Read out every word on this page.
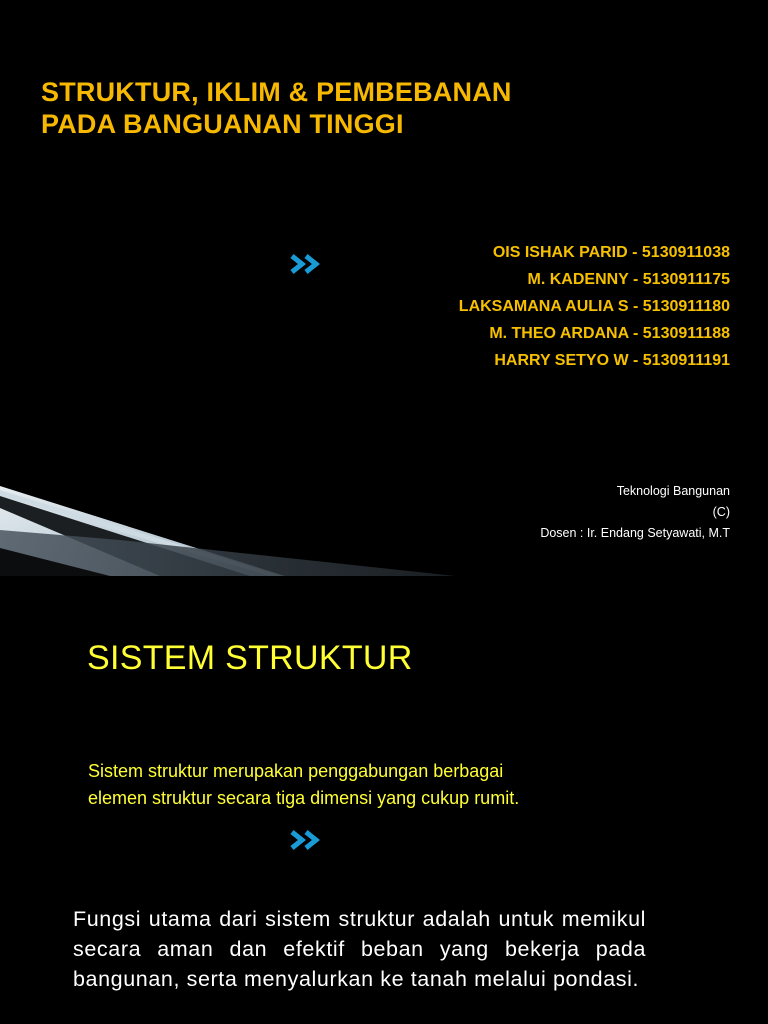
STRUKTUR, IKLIM & PEMBEBANAN
PADA BANGUANAN TINGGI
OIS ISHAK PARID - 5130911038
M. KADENNY - 5130911175
LAKSAMANA AULIA S - 5130911180
M. THEO ARDANA - 5130911188
HARRY SETYO W - 5130911191
Teknologi Bangunan
(C)
Dosen : Ir. Endang Setyawati, M.T
SISTEM STRUKTUR

Sistem struktur merupakan penggabungan berbagai
elemen struktur secara tiga dimensi yang cukup rumit.

Fungsi utama dari sistem struktur adalah untuk memikul secara aman dan efektif beban yang bekerja pada bangunan, serta menyalurkan ke tanah melalui pondasi.
